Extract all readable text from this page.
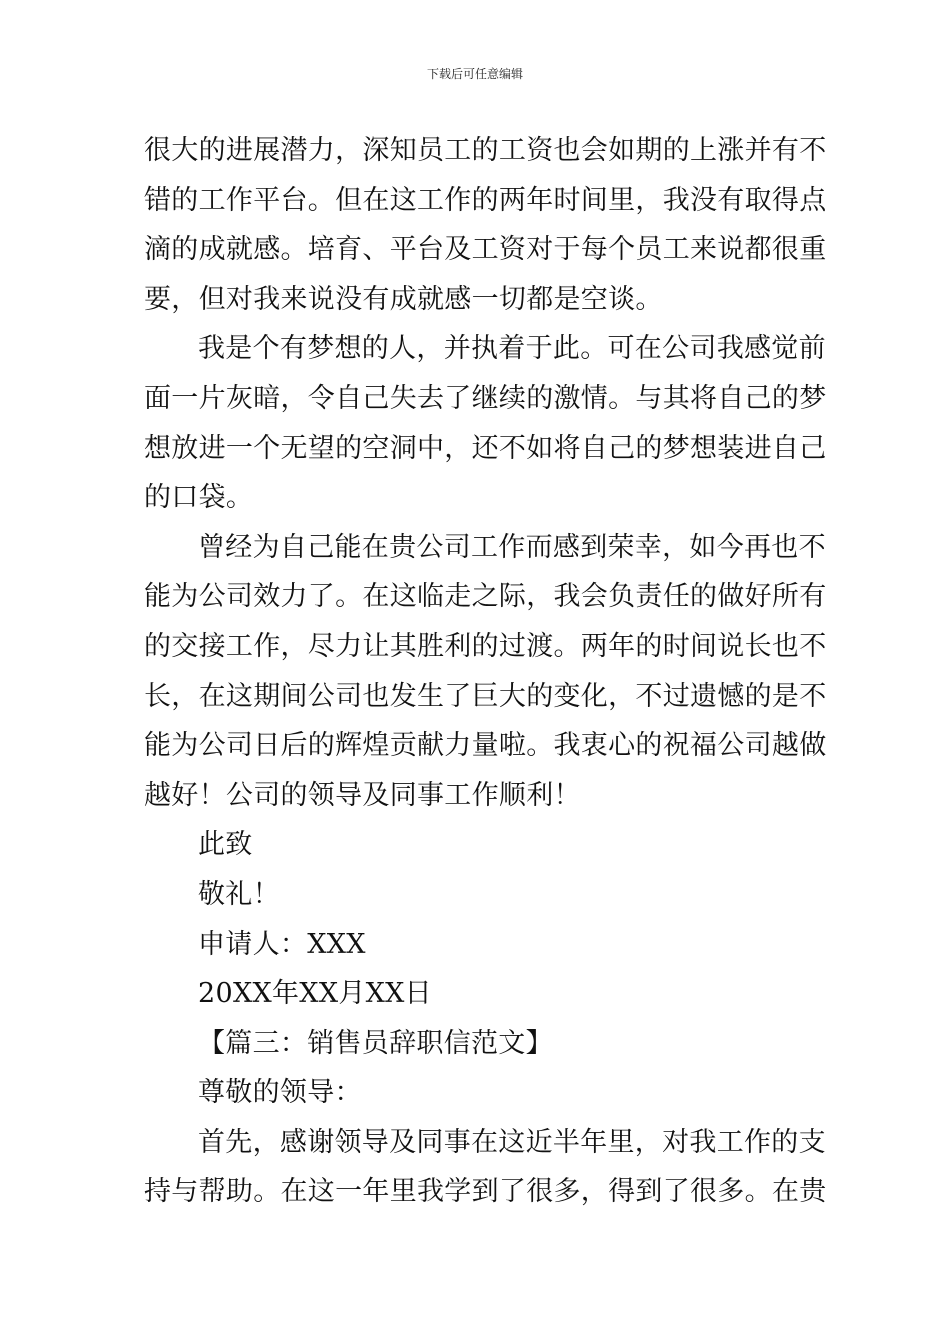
下载后可任意编辑
很大的进展潜力，深知员工的工资也会如期的上涨并有不
错的工作平台。但在这工作的两年时间里，我没有取得点
滴的成就感。培育、平台及工资对于每个员工来说都很重
要，但对我来说没有成就感一切都是空谈。
我是个有梦想的人，并执着于此。可在公司我感觉前
面一片灰暗，令自己失去了继续的激情。与其将自己的梦
想放进一个无望的空洞中，还不如将自己的梦想装进自己
的口袋。
曾经为自己能在贵公司工作而感到荣幸，如今再也不
能为公司效力了。在这临走之际，我会负责任的做好所有
的交接工作，尽力让其胜利的过渡。两年的时间说长也不
长，在这期间公司也发生了巨大的变化，不过遗憾的是不
能为公司日后的辉煌贡献力量啦。我衷心的祝福公司越做
越好！公司的领导及同事工作顺利！
此致
敬礼！
申请人：XXX
20XX年XX月XX日
【篇三：销售员辞职信范文】
尊敬的领导：
首先，感谢领导及同事在这近半年里，对我工作的支
持与帮助。在这一年里我学到了很多，得到了很多。在贵
